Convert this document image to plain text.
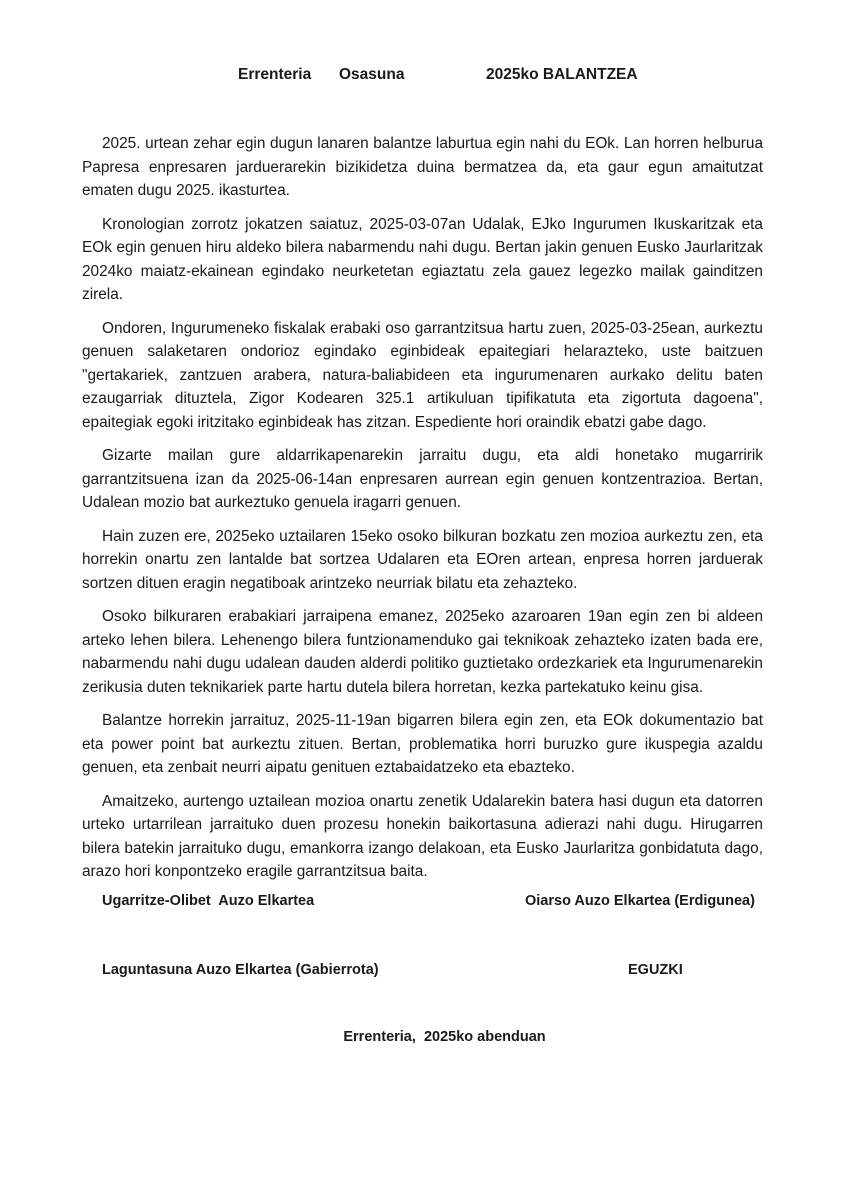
Errenteria Osasuna	2025ko BALANTZEA

2025. urtean zehar egin dugun lanaren balantze laburtua egin nahi du EOk. Lan horren helburua Papresa enpresaren jarduerarekin bizikidetza duina bermatzea da, eta gaur egun amaitutzat ematen dugu 2025. ikasturtea.

Kronologian zorrotz jokatzen saiatuz, 2025-03-07an Udalak, EJko Ingurumen Ikuskaritzak eta EOk egin genuen hiru aldeko bilera nabarmendu nahi dugu. Bertan jakin genuen Eusko Jaurlaritzak 2024ko maiatz-ekainean egindako neurketetan egiaztatu zela gauez legezko mailak gainditzen zirela.

Ondoren, Ingurumeneko fiskalak erabaki oso garrantzitsua hartu zuen, 2025-03-25ean, aurkeztu genuen salaketaren ondorioz egindako eginbideak epaitegiari helarazteko, uste baitzuen "gertakariek, zantzuen arabera, natura-baliabideen eta ingurumenaren aurkako delitu baten ezaugarriak dituztela, Zigor Kodearen 325.1 artikuluan tipifikatuta eta zigortuta dagoena", epaitegiak egoki iritzitako eginbideak has zitzan. Espediente hori oraindik ebatzi gabe dago.

Gizarte mailan gure aldarrikapenarekin jarraitu dugu, eta aldi honetako mugarririk garrantzitsuena izan da 2025-06-14an enpresaren aurrean egin genuen kontzentrazioa. Bertan, Udalean mozio bat aurkeztuko genuela iragarri genuen.

Hain zuzen ere, 2025eko uztailaren 15eko osoko bilkuran bozkatu zen mozioa aurkeztu zen, eta horrekin onartu zen lantalde bat sortzea Udalaren eta EOren artean, enpresa horren jarduerak sortzen dituen eragin negatiboak arintzeko neurriak bilatu eta zehazteko.

Osoko bilkuraren erabakiari jarraipena emanez, 2025eko azaroaren 19an egin zen bi aldeen arteko lehen bilera. Lehenengo bilera funtzionamenduko gai teknikoak zehazteko izaten bada ere, nabarmendu nahi dugu udalean dauden alderdi politiko guztietako ordezkariek eta Ingurumenarekin zerikusia duten teknikariek parte hartu dutela bilera horretan, kezka partekatuko keinu gisa.

Balantze horrekin jarraituz, 2025-11-19an bigarren bilera egin zen, eta EOk dokumentazio bat eta power point bat aurkeztu zituen. Bertan, problematika horri buruzko gure ikuspegia azaldu genuen, eta zenbait neurri aipatu genituen eztabaidatzeko eta ebazteko.

Amaitzeko, aurtengo uztailean mozioa onartu zenetik Udalarekin batera hasi dugun eta datorren urteko urtarrilean jarraituko duen prozesu honekin baikortasuna adierazi nahi dugu. Hirugarren bilera batekin jarraituko dugu, emankorra izango delakoan, eta Eusko Jaurlaritza gonbidatuta dago, arazo hori konpontzeko eragile garrantzitsua baita.

Ugarritze-Olibet  Auzo Elkartea	Oiarso Auzo Elkartea (Erdigunea)
Laguntasuna Auzo Elkartea (Gabierrota)	EGUZKI
Errenteria,  2025ko abenduan
